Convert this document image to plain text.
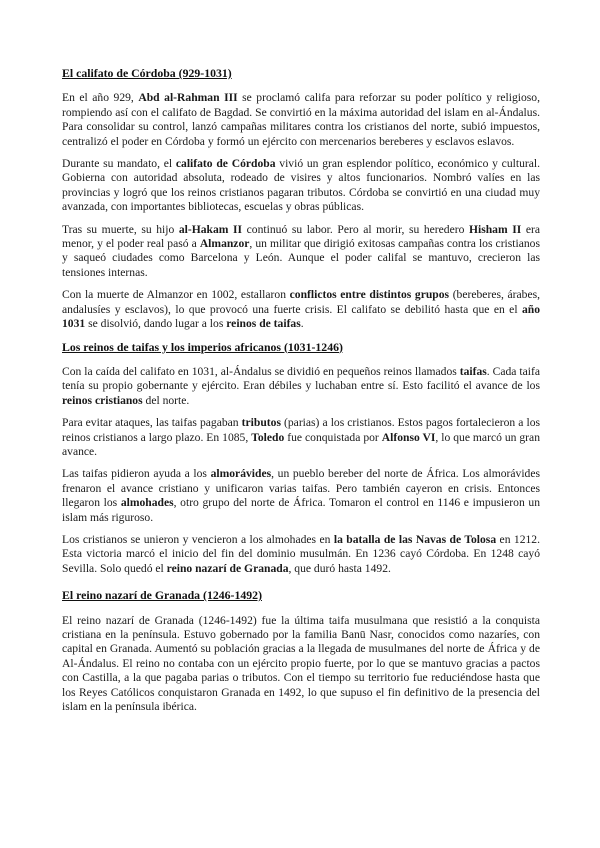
El califato de Córdoba (929-1031)

En el año 929, Abd al-Rahman III se proclamó califa para reforzar su poder político y religioso, rompiendo así con el califato de Bagdad. Se convirtió en la máxima autoridad del islam en al-Ándalus. Para consolidar su control, lanzó campañas militares contra los cristianos del norte, subió impuestos, centralizó el poder en Córdoba y formó un ejército con mercenarios bereberes y esclavos eslavos.

Durante su mandato, el califato de Córdoba vivió un gran esplendor político, económico y cultural. Gobierna con autoridad absoluta, rodeado de visires y altos funcionarios. Nombró valíes en las provincias y logró que los reinos cristianos pagaran tributos. Córdoba se convirtió en una ciudad muy avanzada, con importantes bibliotecas, escuelas y obras públicas.

Tras su muerte, su hijo al-Hakam II continuó su labor. Pero al morir, su heredero Hisham II era menor, y el poder real pasó a Almanzor, un militar que dirigió exitosas campañas contra los cristianos y saqueó ciudades como Barcelona y León. Aunque el poder califal se mantuvo, crecieron las tensiones internas.

Con la muerte de Almanzor en 1002, estallaron conflictos entre distintos grupos (bereberes, árabes, andalusíes y esclavos), lo que provocó una fuerte crisis. El califato se debilitó hasta que en el año 1031 se disolvió, dando lugar a los reinos de taifas.

Los reinos de taifas y los imperios africanos (1031-1246)

Con la caída del califato en 1031, al-Ándalus se dividió en pequeños reinos llamados taifas. Cada taifa tenía su propio gobernante y ejército. Eran débiles y luchaban entre sí. Esto facilitó el avance de los reinos cristianos del norte.

Para evitar ataques, las taifas pagaban tributos (parias) a los cristianos. Estos pagos fortalecieron a los reinos cristianos a largo plazo. En 1085, Toledo fue conquistada por Alfonso VI, lo que marcó un gran avance.

Las taifas pidieron ayuda a los almorávides, un pueblo bereber del norte de África. Los almorávides frenaron el avance cristiano y unificaron varias taifas. Pero también cayeron en crisis. Entonces llegaron los almohades, otro grupo del norte de África. Tomaron el control en 1146 e impusieron un islam más riguroso.

Los cristianos se unieron y vencieron a los almohades en la batalla de las Navas de Tolosa en 1212. Esta victoria marcó el inicio del fin del dominio musulmán. En 1236 cayó Córdoba. En 1248 cayó Sevilla. Solo quedó el reino nazarí de Granada, que duró hasta 1492.

El reino nazarí de Granada (1246-1492)

El reino nazarí de Granada (1246-1492) fue la última taifa musulmana que resistió a la conquista cristiana en la península. Estuvo gobernado por la familia Banū Nasr, conocidos como nazaríes, con capital en Granada. Aumentó su población gracias a la llegada de musulmanes del norte de África y de Al-Ándalus. El reino no contaba con un ejército propio fuerte, por lo que se mantuvo gracias a pactos con Castilla, a la que pagaba parias o tributos. Con el tiempo su territorio fue reduciéndose hasta que los Reyes Católicos conquistaron Granada en 1492, lo que supuso el fin definitivo de la presencia del islam en la península ibérica.
